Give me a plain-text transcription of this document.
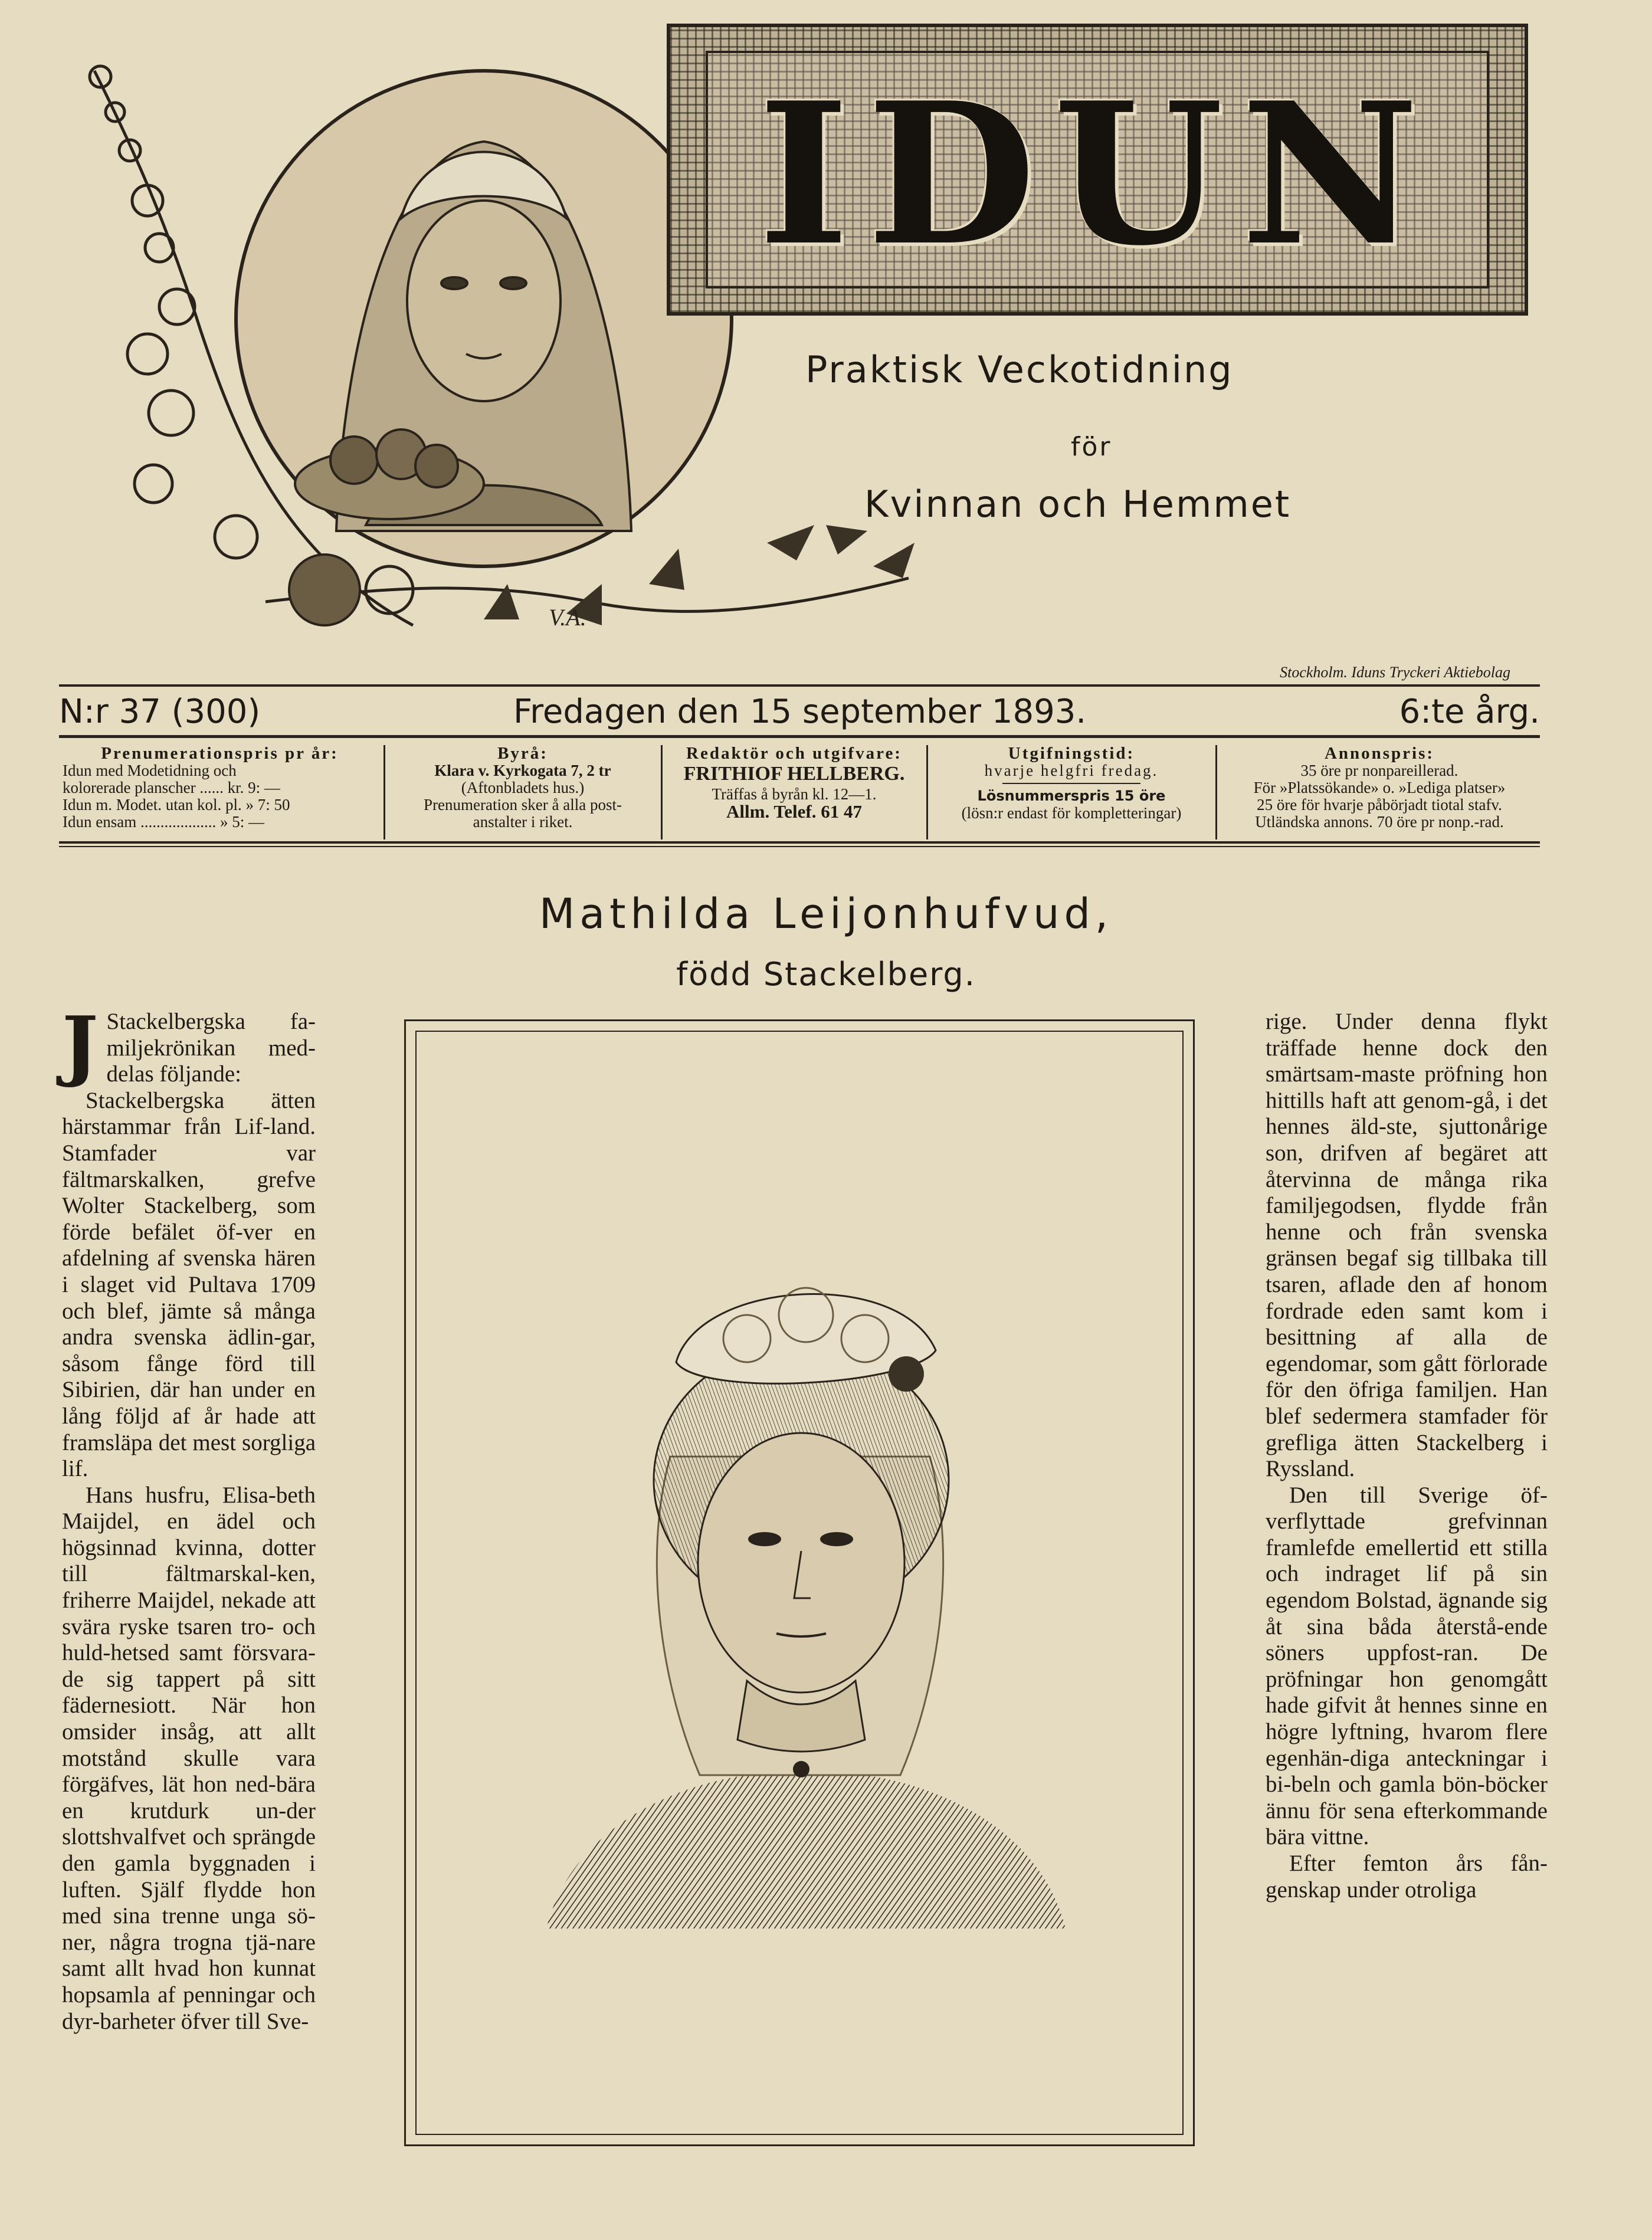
V.A.
IDUN
Praktisk Veckotidning
för
Kvinnan och Hemmet
Stockholm. Iduns Tryckeri Aktiebolag
N:r 37 (300)	Fredagen den 15 september 1893.	6:te årg.
Prenumerationspris pr år:
Idun med Modetidning och
kolorerade planscher ...... kr. 9: —
Idun m. Modet. utan kol. pl. » 7: 50
Idun ensam ................... » 5: —
Byrå:
Klara v. Kyrkogata 7, 2 tr
(Aftonbladets hus.)
Prenumeration sker å alla post-
anstalter i riket.
Redaktör och utgifvare:
FRITHIOF HELLBERG.
Träffas å byrån kl. 12—1.
Allm. Telef. 61 47
Utgifningstid:
hvarje helgfri fredag.
Lösnummerspris 15 öre
(lösn:r endast för kompletteringar)
Annonspris:
35 öre pr nonpareillerad.
För »Platssökande» o. »Lediga platser»
25 öre för hvarje påbörjadt tiotal stafv.
Utländska annons. 70 öre pr nonp.-rad.
Mathilda Leijonhufvud,
född Stackelberg.

J Stackelbergska fa-miljekrönikan med-delas följande:

Stackelbergska ätten härstammar från Lif-land. Stamfader var fältmarskalken, grefve Wolter Stackelberg, som förde befälet öf-ver en afdelning af svenska hären i slaget vid Pultava 1709 och blef, jämte så många andra svenska ädlin-gar, såsom fånge förd till Sibirien, där han under en lång följd af år hade att framsläpa det mest sorgliga lif.

Hans husfru, Elisa-beth Maijdel, en ädel och högsinnad kvinna, dotter till fältmarskal-ken, friherre Maijdel, nekade att svära ryske tsaren tro- och huld-hetsed samt försvara-de sig tappert på sitt fädernesiott. När hon omsider insåg, att allt motstånd skulle vara förgäfves, lät hon ned-bära en krutdurk un-der slottshvalfvet och sprängde den gamla byggnaden i luften. Själf flydde hon med sina trenne unga sö-ner, några trogna tjä-nare samt allt hvad hon kunnat hopsamla af penningar och dyr-barheter öfver till Sve-

rige. Under denna flykt träffade henne dock den smärtsam-maste pröfning hon hittills haft att genom-gå, i det hennes äld-ste, sjuttonårige son, drifven af begäret att återvinna de många rika familjegodsen, flydde från henne och från svenska gränsen begaf sig tillbaka till tsaren, aflade den af honom fordrade eden samt kom i besittning af alla de egendomar, som gått förlorade för den öfriga familjen. Han blef sedermera stamfader för grefliga ätten Stackelberg i Ryssland.

Den till Sverige öf-verflyttade grefvinnan framlefde emellertid ett stilla och indraget lif på sin egendom Bolstad, ägnande sig åt sina båda återstå-ende söners uppfost-ran. De pröfningar hon genomgått hade gifvit åt hennes sinne en högre lyftning, hvarom flere egenhän-diga anteckningar i bi-beln och gamla bön-böcker ännu för sena efterkommande bära vittne.

Efter femton års fån-genskap under otroliga
